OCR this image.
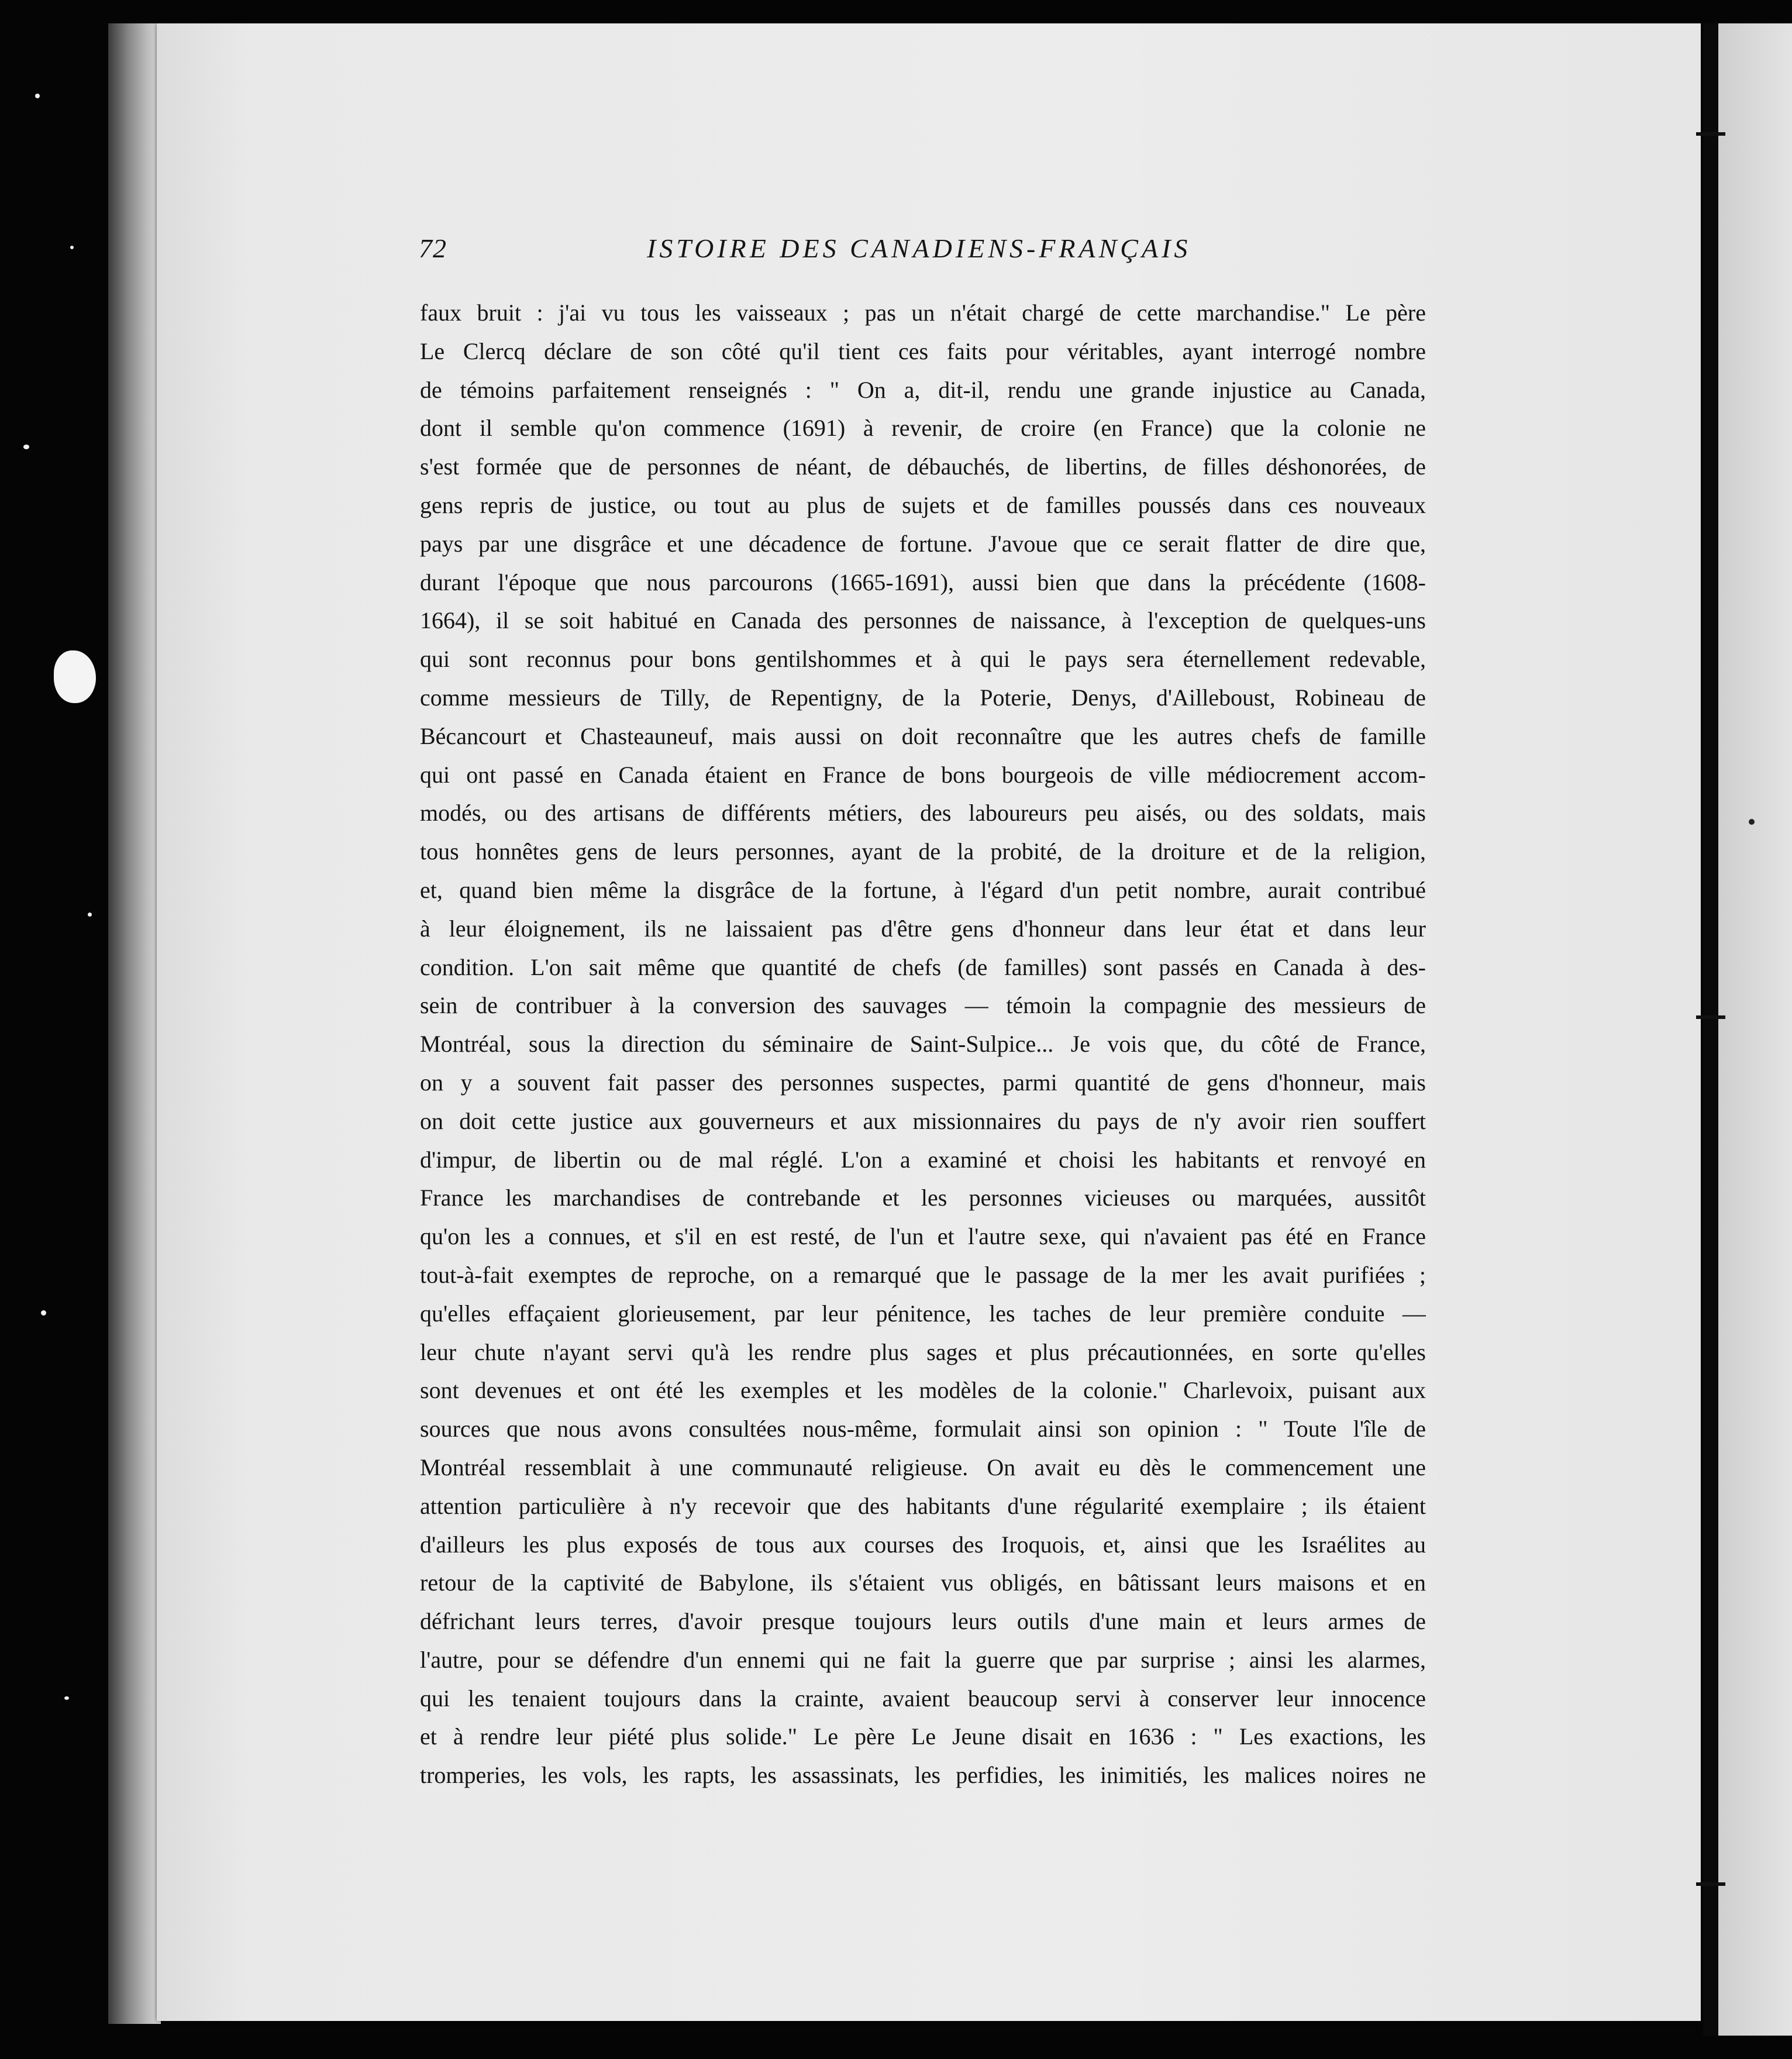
72	ISTOIRE DES CANADIENS-FRANÇAIS
faux bruit : j'ai vu tous les vaisseaux ; pas un n'était chargé de cette marchandise." Le père
Le Clercq déclare de son côté qu'il tient ces faits pour véritables, ayant interrogé nombre
de témoins parfaitement renseignés : " On a, dit-il, rendu une grande injustice au Canada,
dont il semble qu'on commence (1691) à revenir, de croire (en France) que la colonie ne
s'est formée que de personnes de néant, de débauchés, de libertins, de filles déshonorées, de
gens repris de justice, ou tout au plus de sujets et de familles poussés dans ces nouveaux
pays par une disgrâce et une décadence de fortune. J'avoue que ce serait flatter de dire que,
durant l'époque que nous parcourons (1665-1691), aussi bien que dans la précédente (1608-
1664), il se soit habitué en Canada des personnes de naissance, à l'exception de quelques-uns
qui sont reconnus pour bons gentilshommes et à qui le pays sera éternellement redevable,
comme messieurs de Tilly, de Repentigny, de la Poterie, Denys, d'Ailleboust, Robineau de
Bécancourt et Chasteauneuf, mais aussi on doit reconnaître que les autres chefs de famille
qui ont passé en Canada étaient en France de bons bourgeois de ville médiocrement accom-
modés, ou des artisans de différents métiers, des laboureurs peu aisés, ou des soldats, mais
tous honnêtes gens de leurs personnes, ayant de la probité, de la droiture et de la religion,
et, quand bien même la disgrâce de la fortune, à l'égard d'un petit nombre, aurait contribué
à leur éloignement, ils ne laissaient pas d'être gens d'honneur dans leur état et dans leur
condition. L'on sait même que quantité de chefs (de familles) sont passés en Canada à des-
sein de contribuer à la conversion des sauvages — témoin la compagnie des messieurs de
Montréal, sous la direction du séminaire de Saint-Sulpice... Je vois que, du côté de France,
on y a souvent fait passer des personnes suspectes, parmi quantité de gens d'honneur, mais
on doit cette justice aux gouverneurs et aux missionnaires du pays de n'y avoir rien souffert
d'impur, de libertin ou de mal réglé. L'on a examiné et choisi les habitants et renvoyé en
France les marchandises de contrebande et les personnes vicieuses ou marquées, aussitôt
qu'on les a connues, et s'il en est resté, de l'un et l'autre sexe, qui n'avaient pas été en France
tout-à-fait exemptes de reproche, on a remarqué que le passage de la mer les avait purifiées ;
qu'elles effaçaient glorieusement, par leur pénitence, les taches de leur première conduite —
leur chute n'ayant servi qu'à les rendre plus sages et plus précautionnées, en sorte qu'elles
sont devenues et ont été les exemples et les modèles de la colonie." Charlevoix, puisant aux
sources que nous avons consultées nous-même, formulait ainsi son opinion : " Toute l'île de
Montréal ressemblait à une communauté religieuse. On avait eu dès le commencement une
attention particulière à n'y recevoir que des habitants d'une régularité exemplaire ; ils étaient
d'ailleurs les plus exposés de tous aux courses des Iroquois, et, ainsi que les Israélites au
retour de la captivité de Babylone, ils s'étaient vus obligés, en bâtissant leurs maisons et en
défrichant leurs terres, d'avoir presque toujours leurs outils d'une main et leurs armes de
l'autre, pour se défendre d'un ennemi qui ne fait la guerre que par surprise ; ainsi les alarmes,
qui les tenaient toujours dans la crainte, avaient beaucoup servi à conserver leur innocence
et à rendre leur piété plus solide." Le père Le Jeune disait en 1636 : " Les exactions, les
tromperies, les vols, les rapts, les assassinats, les perfidies, les inimitiés, les malices noires ne
